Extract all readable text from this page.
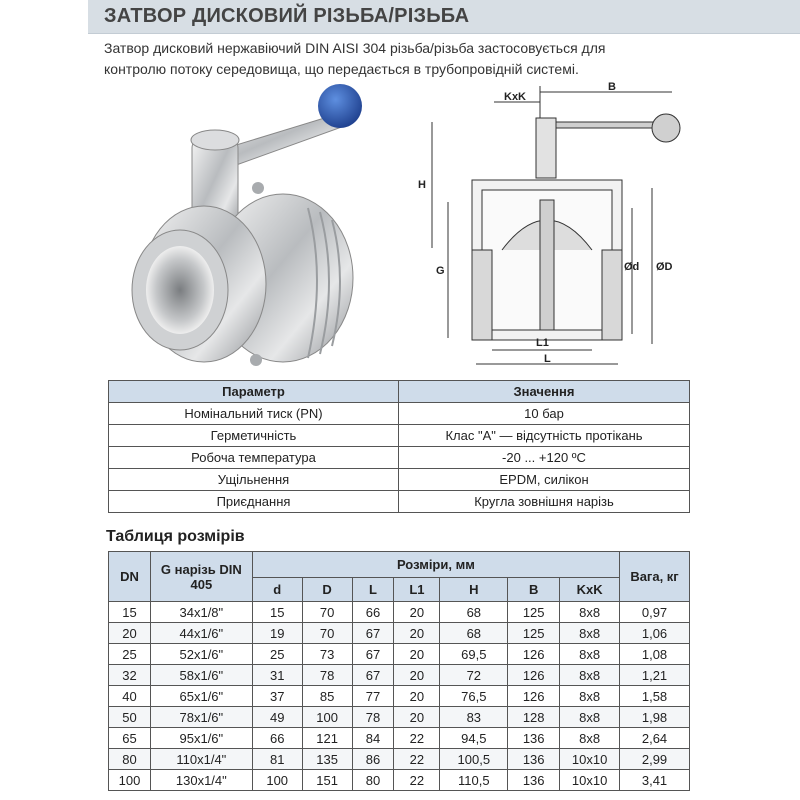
ЗАТВОР ДИСКОВИЙ РІЗЬБА/РІЗЬБА
Затвор дисковий нержавіючий DIN AISI 304 різьба/різьба застосовується для
контролю потоку середовища, що передається в трубопровідній системі.
B
KxK
H
G	Ød ØD
L1
L
Параметр	Значення
Номінальний тиск (PN)	10 бар
Герметичність	Клас "А" — відсутність протікань
Робоча температура	-20 ... +120 ºС
Ущільнення	EPDM, силікон
Приєднання	Кругла зовнішня нарізь
Таблиця розмірів
DN	G нарізь DIN 405	Розміри, мм							Вага, кг
		d	D	L	L1	H	B	KxK	
15	34x1/8"	15	70	66	20	68	125	8x8	0,97
20	44x1/6"	19	70	67	20	68	125	8x8	1,06
25	52x1/6"	25	73	67	20	69,5	126	8x8	1,08
32	58x1/6"	31	78	67	20	72	126	8x8	1,21
40	65x1/6"	37	85	77	20	76,5	126	8x8	1,58
50	78x1/6"	49	100	78	20	83	128	8x8	1,98
65	95x1/6"	66	121	84	22	94,5	136	8x8	2,64
80	110x1/4"	81	135	86	22	100,5	136	10x10	2,99
100	130x1/4"	100	151	80	22	110,5	136	10x10	3,41
